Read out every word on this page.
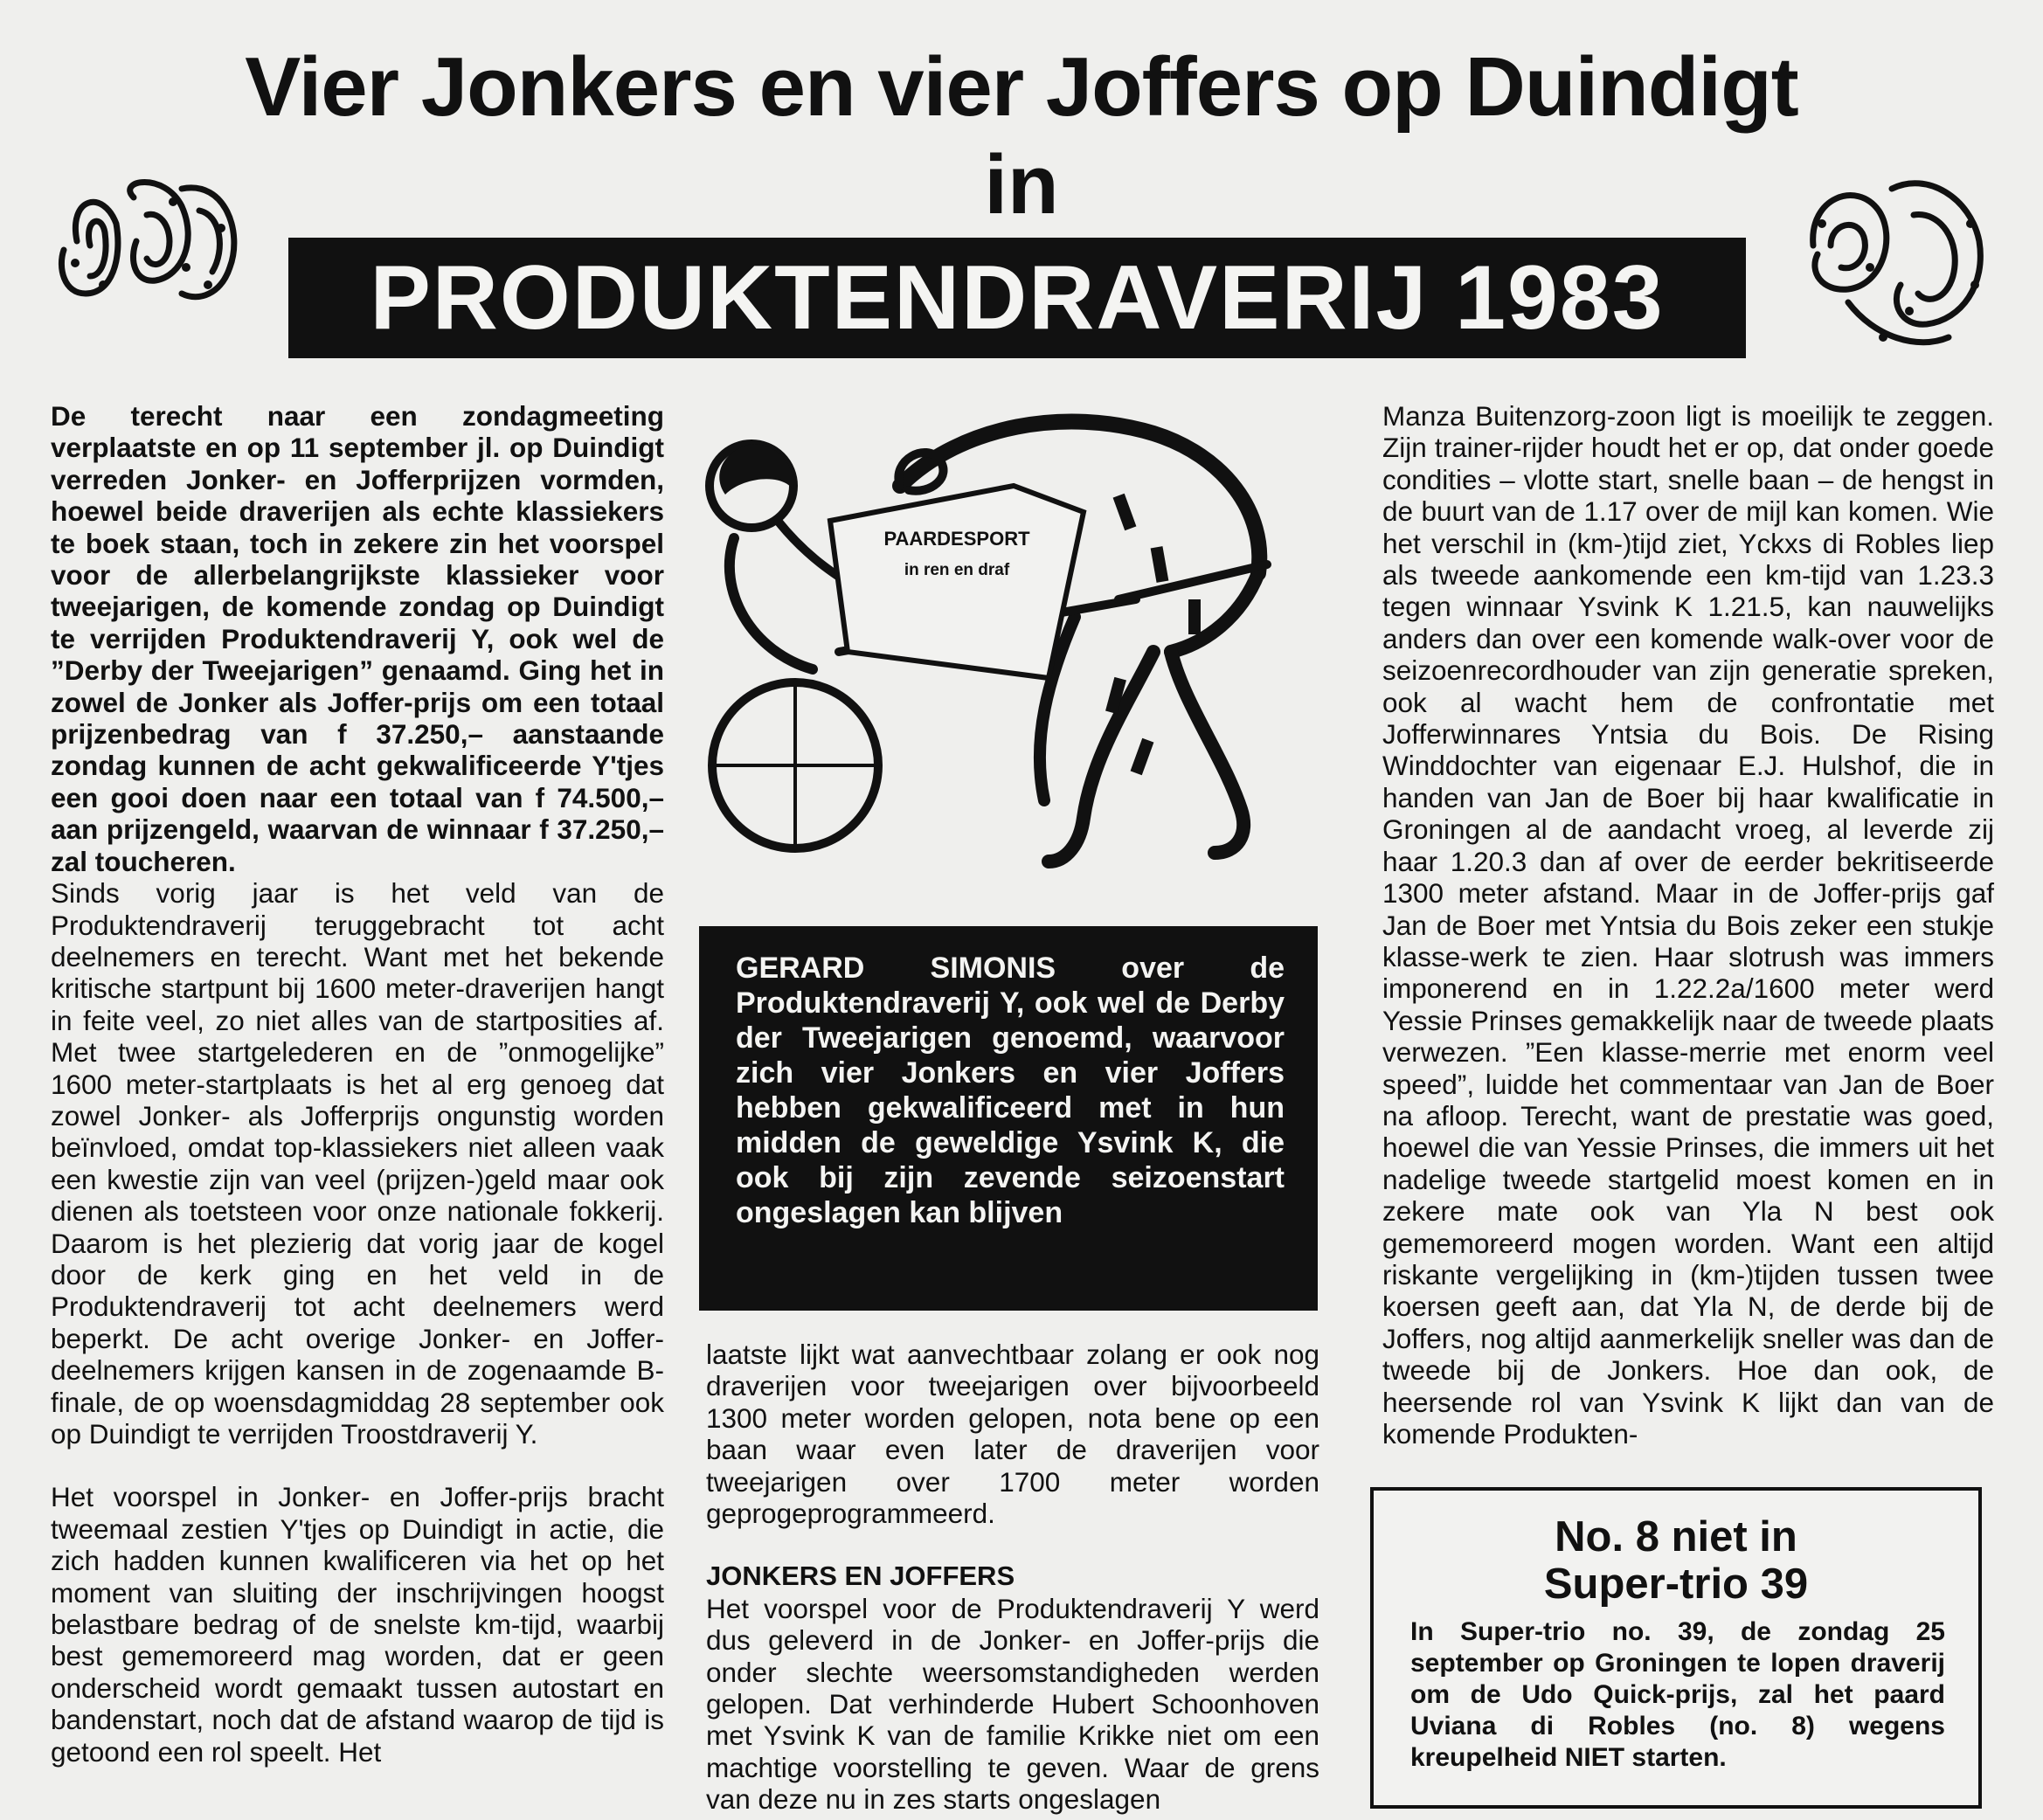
Vier Jonkers en vier Joffers op Duindigt
in
PRODUKTENDRAVERIJ 1983

De terecht naar een zondagmeeting verplaatste en op 11 september jl. op Duindigt verreden Jonker- en Jofferprijzen vormden, hoewel beide draverijen als echte klassiekers te boek staan, toch in zekere zin het voorspel voor de allerbelangrijkste klassieker voor tweejarigen, de komende zondag op Duindigt te verrijden Produktendraverij Y, ook wel de ”Derby der Tweejarigen” genaamd. Ging het in zowel de Jonker als Joffer-prijs om een totaal prijzenbedrag van f 37.250,– aanstaande zondag kunnen de acht gekwalificeerde Y'tjes een gooi doen naar een totaal van f 74.500,– aan prijzengeld, waarvan de winnaar f 37.250,– zal toucheren.

Sinds vorig jaar is het veld van de Produktendraverij teruggebracht tot acht deelnemers en terecht. Want met het bekende kritische startpunt bij 1600 meter-draverijen hangt in feite veel, zo niet alles van de startposities af. Met twee startgelederen en de ”onmogelijke” 1600 meter-startplaats is het al erg genoeg dat zowel Jonker- als Jofferprijs ongunstig worden beïnvloed, omdat top-klassiekers niet alleen vaak een kwestie zijn van veel (prijzen-)geld maar ook dienen als toetsteen voor onze nationale fokkerij. Daarom is het plezierig dat vorig jaar de kogel door de kerk ging en het veld in de Produktendraverij tot acht deelnemers werd beperkt. De acht overige Jonker- en Joffer-deelnemers krijgen kansen in de zogenaamde B-finale, de op woensdagmiddag 28 september ook op Duindigt te verrijden Troostdraverij Y.

Het voorspel in Jonker- en Joffer-prijs bracht tweemaal zestien Y'tjes op Duindigt in actie, die zich hadden kunnen kwalificeren via het op het moment van sluiting der inschrijvingen hoogst belastbare bedrag of de snelste km-tijd, waarbij best gememoreerd mag worden, dat er geen onderscheid wordt gemaakt tussen autostart en bandenstart, noch dat de afstand waarop de tijd is getoond een rol speelt. Het

PAARDESPORT
in ren en draf
GERARD SIMONIS over de Produktendraverij Y, ook wel de Derby der Tweejarigen genoemd, waarvoor zich vier Jonkers en vier Joffers hebben gekwalificeerd met in hun midden de geweldige Ysvink K, die ook bij zijn zevende seizoenstart ongeslagen kan blijven

laatste lijkt wat aanvechtbaar zolang er ook nog draverijen voor tweejarigen over bijvoorbeeld 1300 meter worden gelopen, nota bene op een baan waar even later de draverijen voor tweejarigen over 1700 meter worden geprogeprogrammeerd.

JONKERS EN JOFFERS

Het voorspel voor de Produktendraverij Y werd dus geleverd in de Jonker- en Joffer-prijs die onder slechte weersomstandigheden werden gelopen. Dat verhinderde Hubert Schoonhoven met Ysvink K van de familie Krikke niet om een machtige voorstelling te geven. Waar de grens van deze nu in zes starts ongeslagen

Manza Buitenzorg-zoon ligt is moeilijk te zeggen. Zijn trainer-rijder houdt het er op, dat onder goede condities – vlotte start, snelle baan – de hengst in de buurt van de 1.17 over de mijl kan komen. Wie het verschil in (km-)tijd ziet, Yckxs di Robles liep als tweede aankomende een km-tijd van 1.23.3 tegen winnaar Ysvink K 1.21.5, kan nauwelijks anders dan over een komende walk-over voor de seizoenrecordhouder van zijn generatie spreken, ook al wacht hem de confrontatie met Jofferwinnares Yntsia du Bois. De Rising Winddochter van eigenaar E.J. Hulshof, die in handen van Jan de Boer bij haar kwalificatie in Groningen al de aandacht vroeg, al leverde zij haar 1.20.3 dan af over de eerder bekritiseerde 1300 meter afstand. Maar in de Joffer-prijs gaf Jan de Boer met Yntsia du Bois zeker een stukje klasse-werk te zien. Haar slotrush was immers imponerend en in 1.22.2a/1600 meter werd Yessie Prinses gemakkelijk naar de tweede plaats verwezen. ”Een klasse-merrie met enorm veel speed”, luidde het commentaar van Jan de Boer na afloop. Terecht, want de prestatie was goed, hoewel die van Yessie Prinses, die immers uit het nadelige tweede startgelid moest komen en in zekere mate ook van Yla N best ook gememoreerd mogen worden. Want een altijd riskante vergelijking in (km-)tijden tussen twee koersen geeft aan, dat Yla N, de derde bij de Joffers, nog altijd aanmerkelijk sneller was dan de tweede bij de Jonkers. Hoe dan ook, de heersende rol van Ysvink K lijkt dan van de komende Produkten-

No. 8 niet in
Super-trio 39
In Super-trio no. 39, de zondag 25 september op Groningen te lopen draverij om de Udo Quick-prijs, zal het paard Uviana di Robles (no. 8) wegens kreupelheid NIET starten.
